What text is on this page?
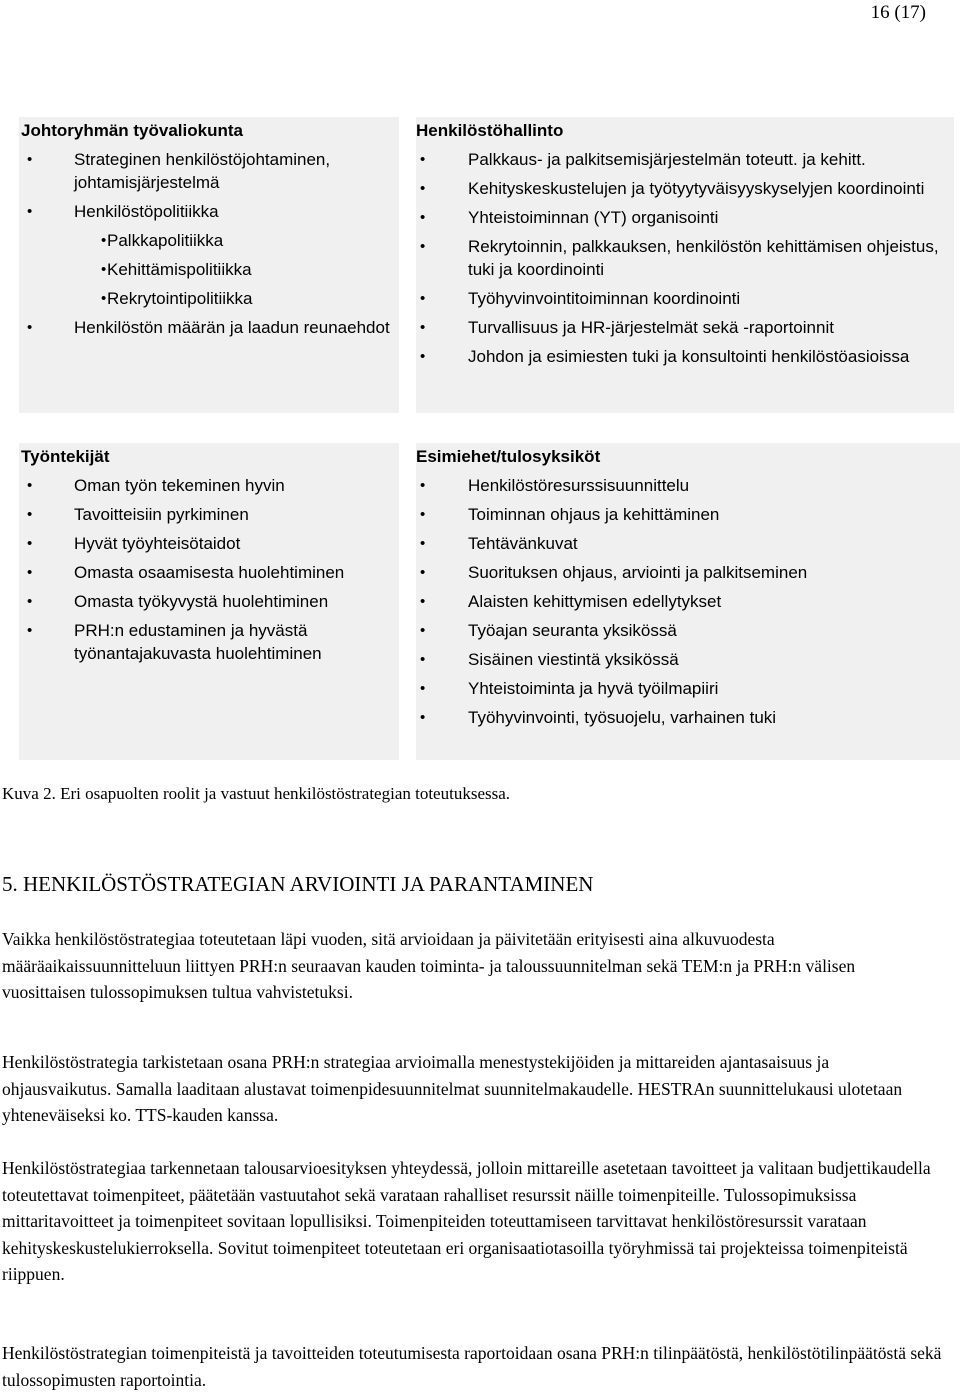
16 (17)
Johtoryhmän työvaliokunta
• Strateginen henkilöstöjohtaminen, johtamisjärjestelmä
• Henkilöstöpolitiikka
• Palkkapolitiikka
• Kehittämispolitiikka
• Rekrytointipolitiikka
• Henkilöstön määrän ja laadun reunaehdot
Henkilöstöhallinto
• Palkkaus- ja palkitsemisjärjestelmän toteutt. ja kehitt.
• Kehityskeskustelujen ja työtyytyväisyyskyselyjen koordinointi
• Yhteistoiminnan (YT) organisointi
• Rekrytoinnin, palkkauksen, henkilöstön kehittämisen ohjeistus, tuki ja koordinointi
• Työhyvinvointitoiminnan koordinointi
• Turvallisuus ja HR-järjestelmät sekä -raportoinnit
• Johdon ja esimiesten tuki ja konsultointi henkilöstöasioissa
Työntekijät
• Oman työn tekeminen hyvin
• Tavoitteisiin pyrkiminen
• Hyvät työyhteisötaidot
• Omasta osaamisesta huolehtiminen
• Omasta työkyvystä huolehtiminen
• PRH:n edustaminen ja hyvästä työnantajakuvasta huolehtiminen
Esimiehet/tulosyksiköt
• Henkilöstöresurssisuunnittelu
• Toiminnan ohjaus ja kehittäminen
• Tehtävänkuvat
• Suorituksen ohjaus, arviointi ja palkitseminen
• Alaisten kehittymisen edellytykset
• Työajan seuranta yksikössä
• Sisäinen viestintä yksikössä
• Yhteistoiminta ja hyvä työilmapiiri
• Työhyvinvointi, työsuojelu, varhainen tuki
Kuva 2. Eri osapuolten roolit ja vastuut henkilöstöstrategian toteutuksessa.
5. HENKILÖSTÖSTRATEGIAN ARVIOINTI JA PARANTAMINEN

Vaikka henkilöstöstrategiaa toteutetaan läpi vuoden, sitä arvioidaan ja päivitetään erityisesti aina alkuvuodesta määräaikaissuunnitteluun liittyen PRH:n seuraavan kauden toiminta- ja taloussuunnitelman sekä TEM:n ja PRH:n välisen vuosittaisen tulossopimuksen tultua vahvistetuksi.

Henkilöstöstrategia tarkistetaan osana PRH:n strategiaa arvioimalla menestystekijöiden ja mittareiden ajantasaisuus ja ohjausvaikutus. Samalla laaditaan alustavat toimenpidesuunnitelmat suunnitelmakaudelle. HESTRAn suunnittelukausi ulotetaan yhteneväiseksi ko. TTS-kauden kanssa.

Henkilöstöstrategiaa tarkennetaan talousarvioesityksen yhteydessä, jolloin mittareille asetetaan tavoitteet ja valitaan budjettikaudella toteutettavat toimenpiteet, päätetään vastuutahot sekä varataan rahalliset resurssit näille toimenpiteille. Tulossopimuksissa mittaritavoitteet ja toimenpiteet sovitaan lopullisiksi. Toimenpiteiden toteuttamiseen tarvittavat henkilöstöresurssit varataan kehityskeskustelukierroksella. Sovitut toimenpiteet toteutetaan eri organisaatiotasoilla työryhmissä tai projekteissa toimenpiteistä riippuen.

Henkilöstöstrategian toimenpiteistä ja tavoitteiden toteutumisesta raportoidaan osana PRH:n tilinpäätöstä, henkilöstötilinpäätöstä sekä tulossopimusten raportointia.
